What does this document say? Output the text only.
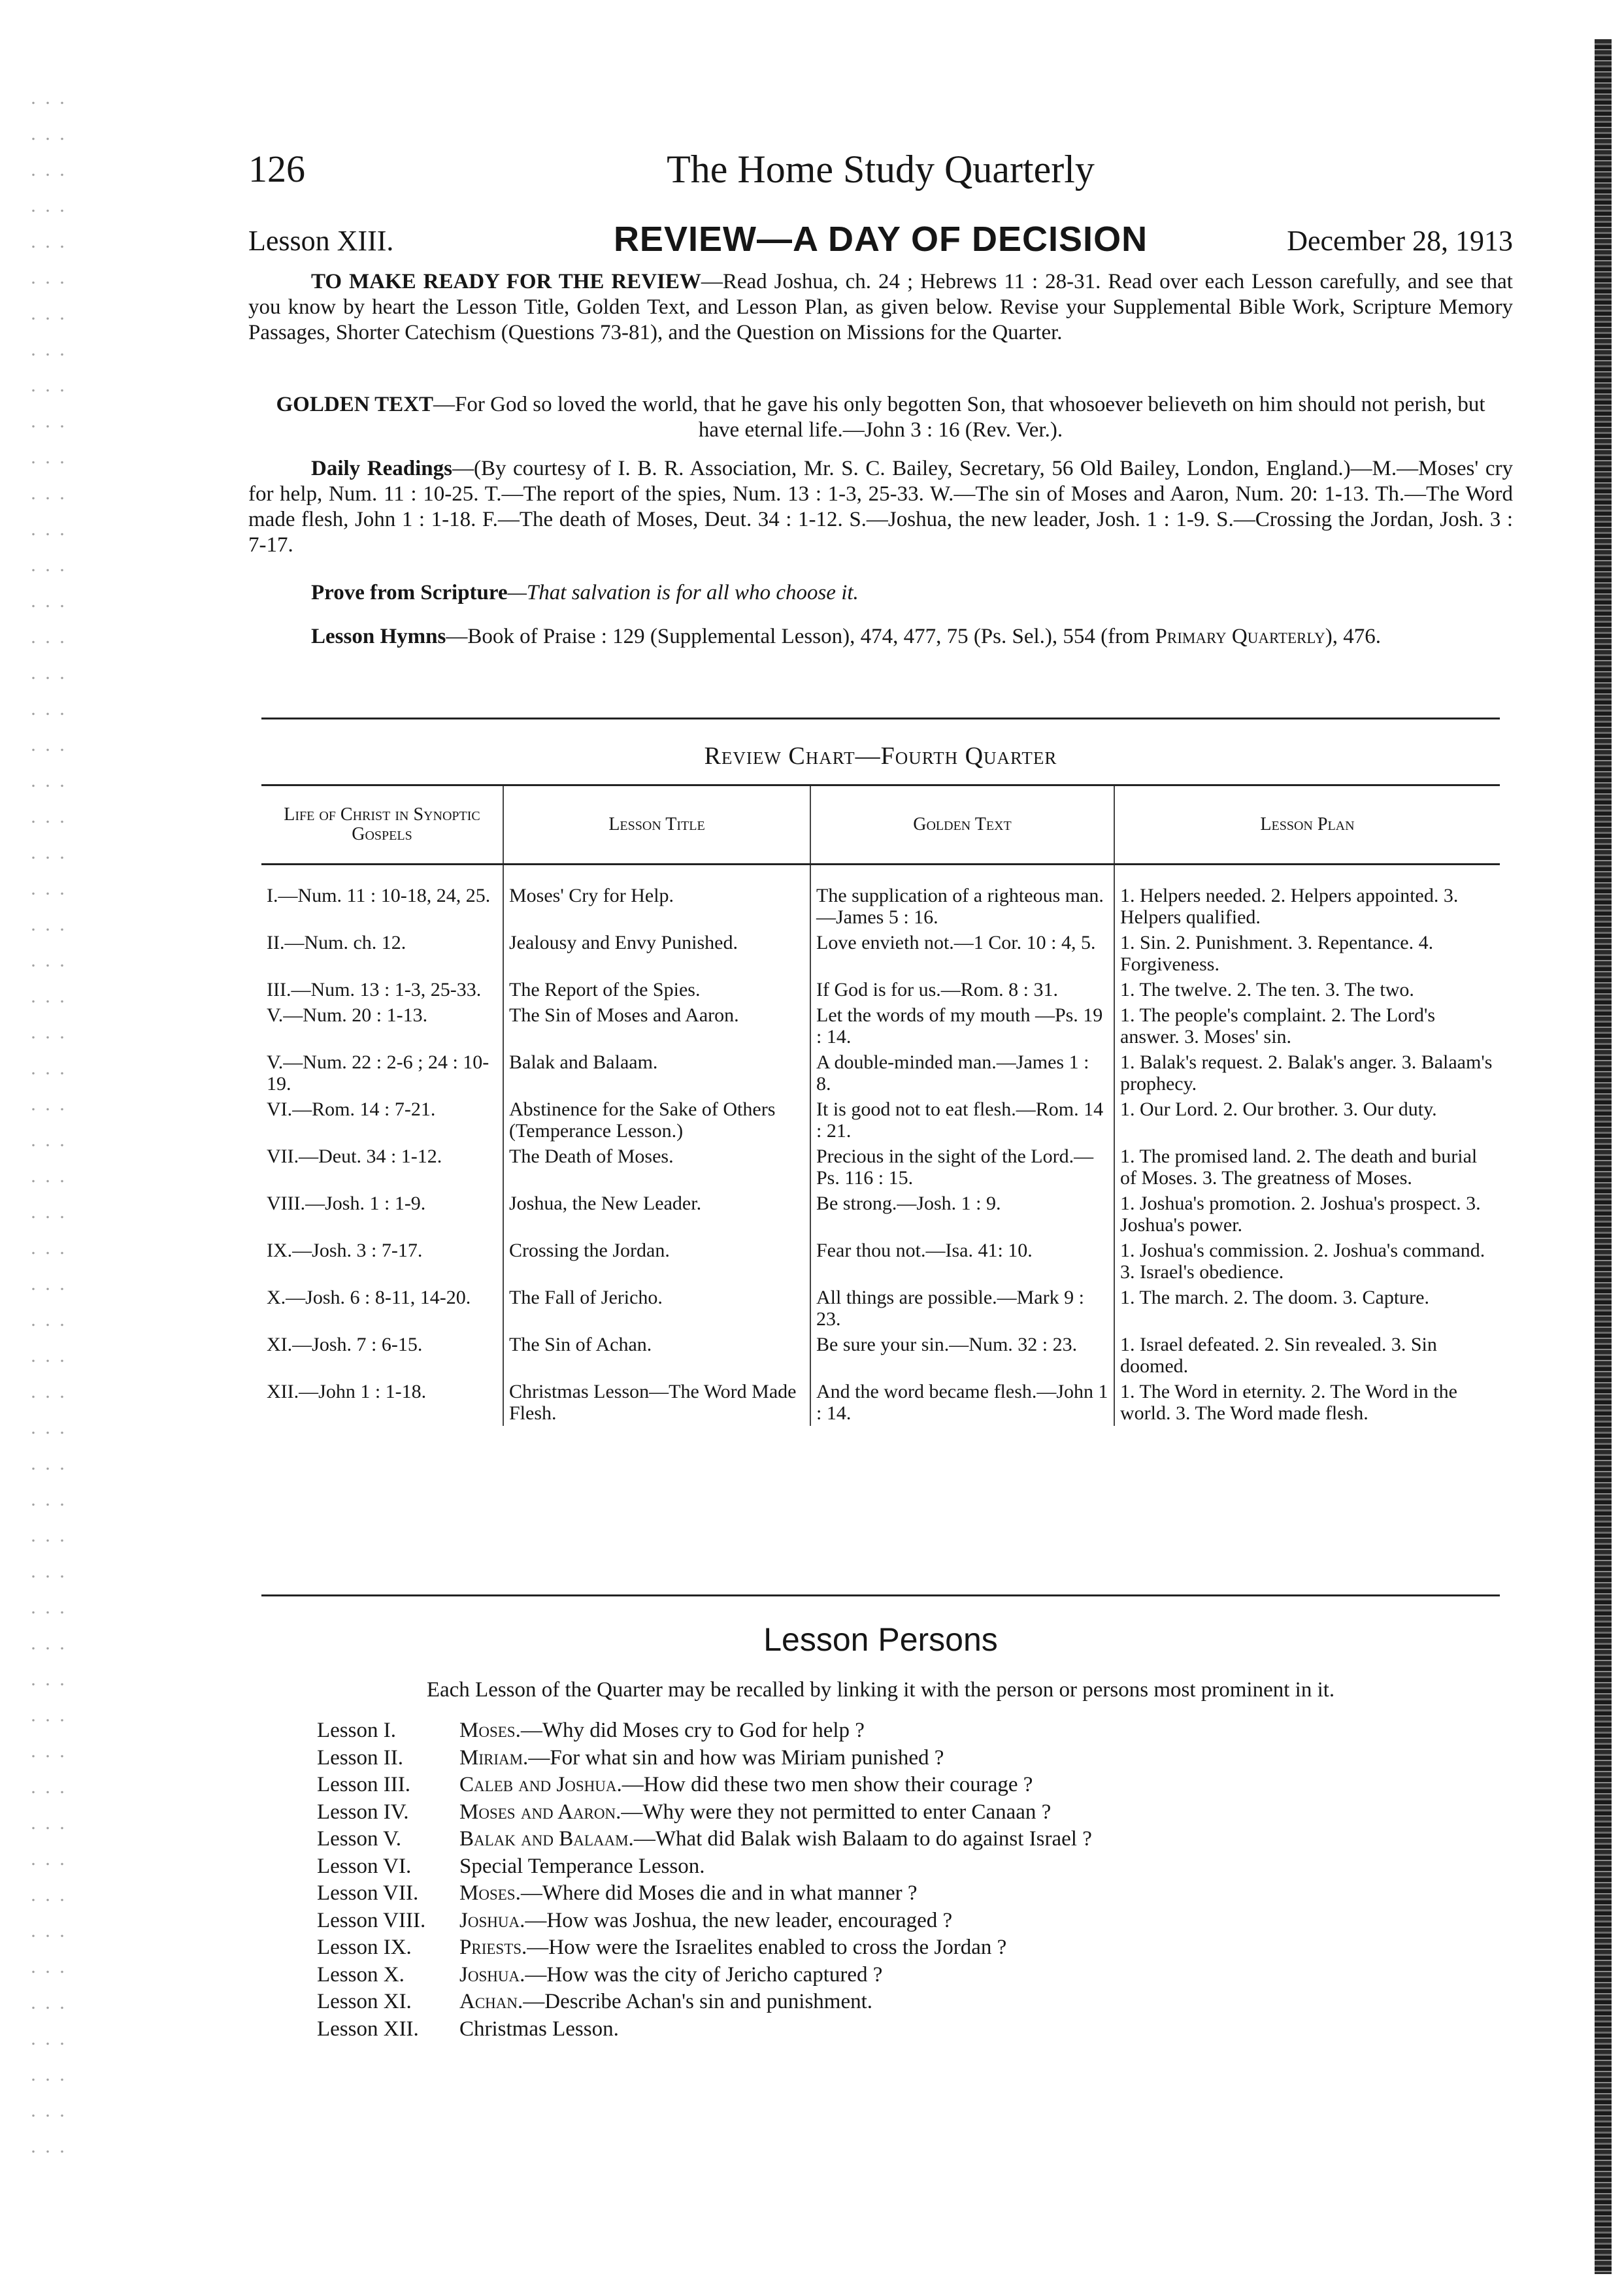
126	The Home Study Quarterly
Lesson XIII.	REVIEW—A DAY OF DECISION	December 28, 1913
TO MAKE READY FOR THE REVIEW—Read Joshua, ch. 24 ; Hebrews 11 : 28-31. Read over each Lesson carefully, and see that you know by heart the Lesson Title, Golden Text, and Lesson Plan, as given below. Revise your Supplemental Bible Work, Scripture Memory Passages, Shorter Catechism (Questions 73-81), and the Question on Missions for the Quarter.
GOLDEN TEXT—For God so loved the world, that he gave his only begotten Son, that whosoever believeth on him should not perish, but have eternal life.—John 3 : 16 (Rev. Ver.).
Daily Readings—(By courtesy of I. B. R. Association, Mr. S. C. Bailey, Secretary, 56 Old Bailey, London, England.)—M.—Moses' cry for help, Num. 11 : 10-25. T.—The report of the spies, Num. 13 : 1-3, 25-33. W.—The sin of Moses and Aaron, Num. 20: 1-13. Th.—The Word made flesh, John 1 : 1-18. F.—The death of Moses, Deut. 34 : 1-12. S.—Joshua, the new leader, Josh. 1 : 1-9. S.—Crossing the Jordan, Josh. 3 : 7-17.
Prove from Scripture—That salvation is for all who choose it.
Lesson Hymns—Book of Praise : 129 (Supplemental Lesson), 474, 477, 75 (Ps. Sel.), 554 (from Primary Quarterly), 476.
Review Chart—Fourth Quarter
Life of Christ in Synoptic Gospels	Lesson Title	Golden Text	Lesson Plan
I.—Num. 11 : 10-18, 24, 25.	Moses' Cry for Help.	The supplication of a righteous man.—James 5 : 16.	1. Helpers needed. 2. Helpers appointed. 3. Helpers qualified.
II.—Num. ch. 12.	Jealousy and Envy Punished.	Love envieth not.—1 Cor. 10 : 4, 5.	1. Sin. 2. Punishment. 3. Repentance. 4. Forgiveness.
III.—Num. 13 : 1-3, 25-33.	The Report of the Spies.	If God is for us.—Rom. 8 : 31.	1. The twelve. 2. The ten. 3. The two.
V.—Num. 20 : 1-13.	The Sin of Moses and Aaron.	Let the words of my mouth —Ps. 19 : 14.	1. The people's complaint. 2. The Lord's answer. 3. Moses' sin.
V.—Num. 22 : 2-6 ; 24 : 10-19.	Balak and Balaam.	A double-minded man.—James 1 : 8.	1. Balak's request. 2. Balak's anger. 3. Balaam's prophecy.
VI.—Rom. 14 : 7-21.	Abstinence for the Sake of Others (Temperance Lesson.)	It is good not to eat flesh.—Rom. 14 : 21.	1. Our Lord. 2. Our brother. 3. Our duty.
VII.—Deut. 34 : 1-12.	The Death of Moses.	Precious in the sight of the Lord.—Ps. 116 : 15.	1. The promised land. 2. The death and burial of Moses. 3. The greatness of Moses.
VIII.—Josh. 1 : 1-9.	Joshua, the New Leader.	Be strong.—Josh. 1 : 9.	1. Joshua's promotion. 2. Joshua's prospect. 3. Joshua's power.
IX.—Josh. 3 : 7-17.	Crossing the Jordan.	Fear thou not.—Isa. 41: 10.	1. Joshua's commission. 2. Joshua's command. 3. Israel's obedience.
X.—Josh. 6 : 8-11, 14-20.	The Fall of Jericho.	All things are possible.—Mark 9 : 23.	1. The march. 2. The doom. 3. Capture.
XI.—Josh. 7 : 6-15.	The Sin of Achan.	Be sure your sin.—Num. 32 : 23.	1. Israel defeated. 2. Sin revealed. 3. Sin doomed.
XII.—John 1 : 1-18.	Christmas Lesson—The Word Made Flesh.	And the word became flesh.—John 1 : 14.	1. The Word in eternity. 2. The Word in the world. 3. The Word made flesh.
Lesson Persons
Each Lesson of the Quarter may be recalled by linking it with the person or persons most prominent in it.
Lesson I.	Moses.—Why did Moses cry to God for help ?
Lesson II.	Miriam.—For what sin and how was Miriam punished ?
Lesson III.	Caleb and Joshua.—How did these two men show their courage ?
Lesson IV.	Moses and Aaron.—Why were they not permitted to enter Canaan ?
Lesson V.	Balak and Balaam.—What did Balak wish Balaam to do against Israel ?
Lesson VI.	Special Temperance Lesson.
Lesson VII.	Moses.—Where did Moses die and in what manner ?
Lesson VIII.	Joshua.—How was Joshua, the new leader, encouraged ?
Lesson IX.	Priests.—How were the Israelites enabled to cross the Jordan ?
Lesson X.	Joshua.—How was the city of Jericho captured ?
Lesson XI.	Achan.—Describe Achan's sin and punishment.
Lesson XII.	Christmas Lesson.
